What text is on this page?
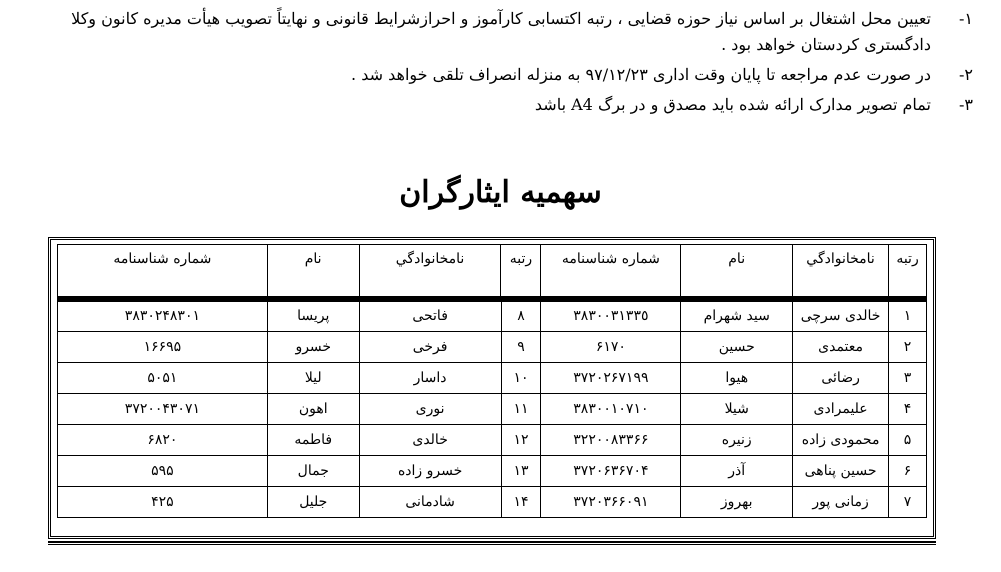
١-
تعیین محل اشتغال بر اساس نیاز حوزه قضایی ، رتبه اکتسابی کارآموز و احرازشرایط قانونی و نهایتاً تصویب هیأت مدیره کانون وکلا دادگستری کردستان خواهد بود .
٢-
در صورت عدم مراجعه تا پایان وقت اداری ٩٧/١٢/٢٣ به منزله انصراف تلقی خواهد شد .
٣-
تمام تصویر مدارک ارائه شده باید مصدق و در برگ A4 باشد
سهمیه ایثارگران
رتبه	نامخانوادگي	نام	شماره شناسنامه	رتبه	نامخانوادگي	نام	شماره شناسنامه
١	خالدی سرچی	سید شهرام	٣٨٣٠٠٣١٣٣٥	٨	فاتحی	پریسا	٣٨٣٠٢۴٨٣٠١
٢	معتمدی	حسین	۶١٧٠	٩	فرخی	خسرو	١۶۶٩۵
٣	رضائی	هیوا	٣٧٢٠٢۶٧١٩٩	١٠	داسار	لیلا	۵٠۵١
۴	علیمرادی	شیلا	٣٨٣٠٠١٠٧١٠	١١	نوری	اهون	٣٧٢٠٠۴٣٠٧١
۵	محمودی زاده	زنیره	٣٢٢٠٠٨٣٣۶۶	١٢	خالدی	فاطمه	۶٨٢٠
۶	حسین پناهی	آذر	٣٧٢٠۶٣۶٧٠۴	١٣	خسرو زاده	جمال	۵٩۵
٧	زمانی پور	بهروز	٣٧٢٠٣۶۶٠٩١	١۴	شادمانی	جلیل	۴٢۵
